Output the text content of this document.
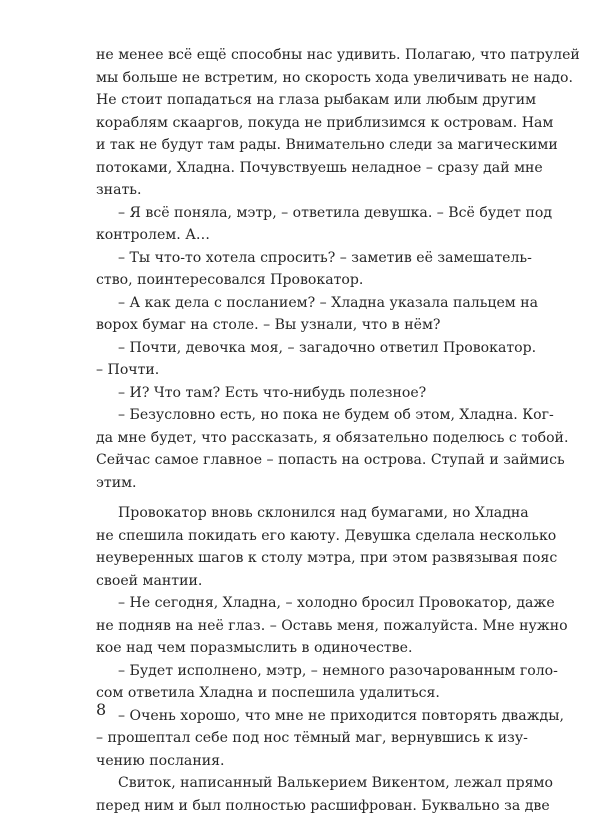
не менее всё ещё способны нас удивить. Полагаю, что патрулей
мы больше не встретим, но скорость хода увеличивать не надо.
Не стоит попадаться на глаза рыбакам или любым другим
кораблям скааргов, покуда не приблизимся к островам. Нам
и так не будут там рады. Внимательно следи за магическими
потоками, Хладна. Почувствуешь неладное – сразу дай мне
знать.
– Я всё поняла, мэтр, – ответила девушка. – Всё будет под
контролем. А…
– Ты что-то хотела спросить? – заметив её замешатель-
ство, поинтересовался Провокатор.
– А как дела с посланием? – Хладна указала пальцем на
ворох бумаг на столе. – Вы узнали, что в нём?
– Почти, девочка моя, – загадочно ответил Провокатор.
– Почти.
– И? Что там? Есть что-нибудь полезное?
– Безусловно есть, но пока не будем об этом, Хладна. Ког-
да мне будет, что рассказать, я обязательно поделюсь с тобой.
Сейчас самое главное – попасть на острова. Ступай и займись
этим.
Провокатор вновь склонился над бумагами, но Хладна
не спешила покидать его каюту. Девушка сделала несколько
неуверенных шагов к столу мэтра, при этом развязывая пояс
своей мантии.
– Не сегодня, Хладна, – холодно бросил Провокатор, даже
не подняв на неё глаз. – Оставь меня, пожалуйста. Мне нужно
кое над чем поразмыслить в одиночестве.
– Будет исполнено, мэтр, – немного разочарованным голо-
сом ответила Хладна и поспешила удалиться.
– Очень хорошо, что мне не приходится повторять дважды,
– прошептал себе под нос тёмный маг, вернувшись к изу-
чению послания.
Свиток, написанный Валькерием Викентом, лежал прямо
перед ним и был полностью расшифрован. Буквально за две
8
